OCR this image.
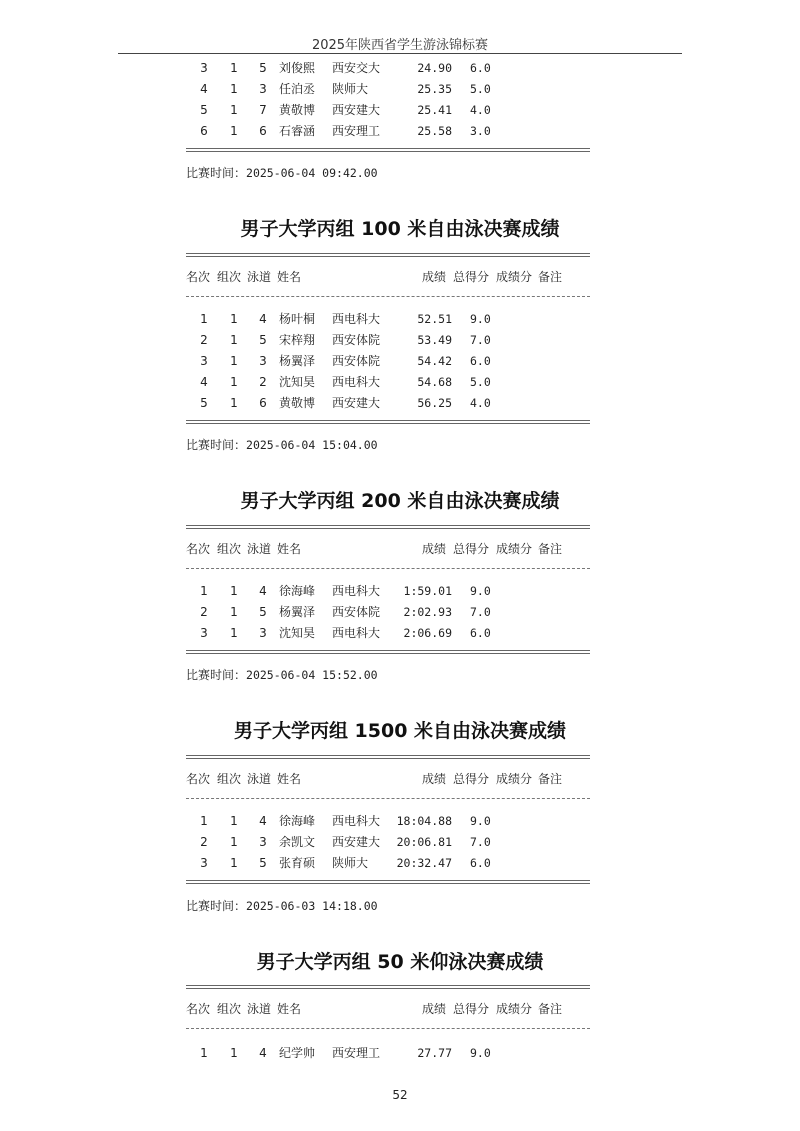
2025年陕西省学生游泳锦标赛
3	1	5	刘俊熙 西安交大	24.90 6.0
4	1	3	任泊丞 陕师大	25.35 5.0
5	1	7	黄敬博 西安建大	25.41 4.0
6	1	6	石睿涵 西安理工	25.58 3.0
比赛时间：2025-06-04 09:42.00
男子大学丙组 100 米自由泳决赛成绩
名次 组次 泳道 姓名	成绩 总得分 成绩分 备注
1	1	4	杨叶桐 西电科大	52.51 9.0
2	1	5	宋梓翔 西安体院	53.49 7.0
3	1	3	杨翼泽 西安体院	54.42 6.0
4	1	2	沈知昊 西电科大	54.68 5.0
5	1	6	黄敬博 西安建大	56.25 4.0
比赛时间：2025-06-04 15:04.00
男子大学丙组 200 米自由泳决赛成绩
名次 组次 泳道 姓名	成绩 总得分 成绩分 备注
1	1	4	徐海峰 西电科大	1:59.01 9.0
2	1	5	杨翼泽 西安体院	2:02.93 7.0
3	1	3	沈知昊 西电科大	2:06.69 6.0
比赛时间：2025-06-04 15:52.00
男子大学丙组 1500 米自由泳决赛成绩
名次 组次 泳道 姓名	成绩 总得分 成绩分 备注
1	1	4	徐海峰 西电科大	18:04.88 9.0
2	1	3	余凯文 西安建大	20:06.81 7.0
3	1	5	张育硕 陕师大	20:32.47 6.0
比赛时间：2025-06-03 14:18.00
男子大学丙组 50 米仰泳决赛成绩
名次 组次 泳道 姓名	成绩 总得分 成绩分 备注
1	1	4	纪学帅 西安理工	27.77 9.0
52
